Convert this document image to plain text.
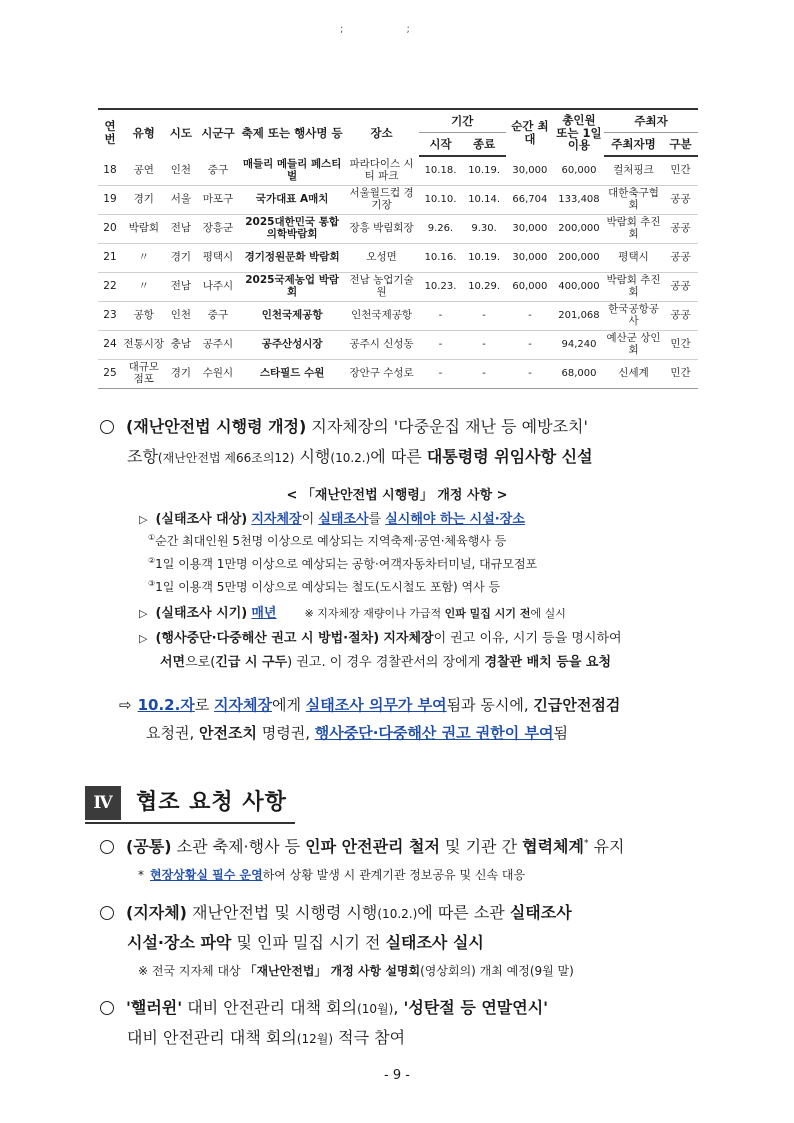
; ;
연번	유형	시도	시군구	축제 또는 행사명 등	장소	기간		순간 최대	총인원 또는 1일 이용	주최자	
						시작	종료			주최자명	구분
18	공연	인천	중구	매들리 메들리 페스티벌	파라다이스 시티 파크	10.18.	10.19.	30,000	60,000	컬처핑크	민간
19	경기	서울	마포구	국가대표 A매치	서울월드컵 경기장	10.10.	10.14.	66,704	133,408	대한축구협회	공공
20	박람회	전남	장흥군	2025대한민국 통합의학박람회	장흥 박림회장	9.26.	9.30.	30,000	200,000	박람회 추진회	공공
21	〃	경기	평택시	경기정원문화 박람회	오성면	10.16.	10.19.	30,000	200,000	평택시	공공
22	〃	전남	나주시	2025국제농업 박람회	전남 농업기술원	10.23.	10.29.	60,000	400,000	박람회 추진회	공공
23	공항	인천	중구	인천국제공항	인천국제공항	-	-	-	201,068	한국공항공사	공공
24	전통시장	충남	공주시	공주산성시장	공주시 신성동	-	-	-	94,240	예산군 상인회	민간
25	대규모 점포	경기	수원시	스타필드 수원	장안구 수성로	-	-	-	68,000	신세계	민간
(재난안전법 시행령 개정) 지자체장의 '다중운집 재난 등 예방조치'
조항(재난안전법 제66조의12) 시행(10.2.)에 따른 대통령령 위임사항 신설
< 「재난안전법 시행령」 개정 사항 >
▷ (실태조사 대상) 지자체장이 실태조사를 실시해야 하는 시설·장소
①순간 최대인원 5천명 이상으로 예상되는 지역축제·공연·체육행사 등
②1일 이용객 1만명 이상으로 예상되는 공항·여객자동차터미널, 대규모점포
③1일 이용객 5만명 이상으로 예상되는 철도(도시철도 포함) 역사 등
▷ (실태조사 시기) 매년	※ 지자체장 재량이나 가급적 인파 밀집 시기 전에 실시
▷ (행사중단·다중해산 권고 시 방법·절차) 지자체장이 권고 이유, 시기 등을 명시하여
서면으로(긴급 시 구두) 권고. 이 경우 경찰관서의 장에게 경찰관 배치 등을 요청
⇨ 10.2.자로 지자체장에게 실태조사 의무가 부여됨과 동시에, 긴급안전점검
요청권, 안전조치 명령권, 행사중단·다중해산 권고 권한이 부여됨
Ⅳ	협조 요청 사항
(공통) 소관 축제·행사 등 인파 안전관리 철저 및 기관 간 협력체계* 유지
* 현장상황실 필수 운영하여 상황 발생 시 관계기관 정보공유 및 신속 대응
(지자체) 재난안전법 및 시행령 시행(10.2.)에 따른 소관 실태조사
시설·장소 파악 및 인파 밀집 시기 전 실태조사 실시
※ 전국 지자체 대상 「재난안전법」 개정 사항 설명회(영상회의) 개최 예정(9월 말)
'핼러윈' 대비 안전관리 대책 회의(10월), '성탄절 등 연말연시'
대비 안전관리 대책 회의(12월) 적극 참여
- 9 -
